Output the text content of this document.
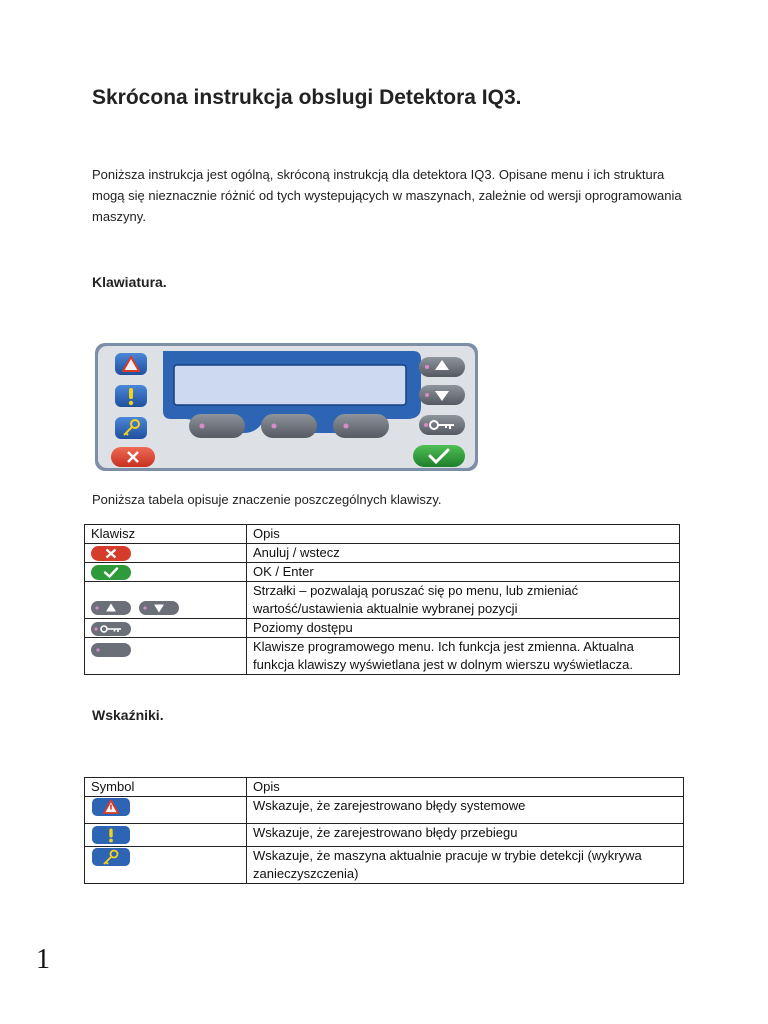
Skrócona instrukcja obslugi Detektora IQ3.

Poniższa instrukcja jest ogólną, skróconą instrukcją dla detektora IQ3. Opisane menu i ich struktura mogą się nieznacznie różnić od tych wystepujących w maszynach, zależnie od wersji oprogramowania maszyny.

Klawiatura.

Poniższa tabela opisuje znaczenie poszczególnych klawiszy.

Klawisz	Opis

	Anuluj / wstecz

	OK / Enter

	Strzałki – pozwalają poruszać się po menu, lub zmieniać wartość/ustawienia aktualnie wybranej pozycji

	Poziomy dostępu

	Klawisze programowego menu. Ich funkcja jest zmienna. Aktualna funkcja klawiszy wyświetlana jest w dolnym wierszu wyświetlacza.
Wskaźniki.
Symbol	Opis

	Wskazuje, że zarejestrowano błędy systemowe

	Wskazuje, że zarejestrowano błędy przebiegu

	Wskazuje, że maszyna aktualnie pracuje w trybie detekcji (wykrywa zanieczyszczenia)

1
